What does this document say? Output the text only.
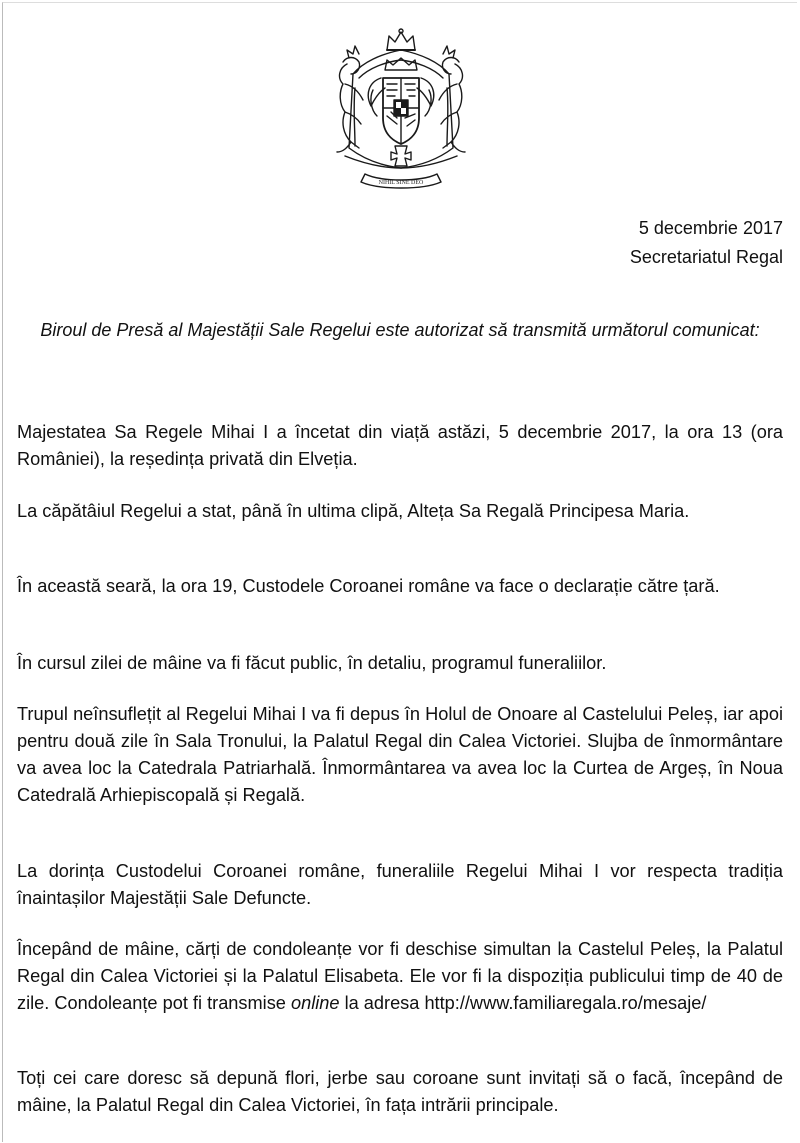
NIHIL SINE DEO
5 decembrie 2017
Secretariatul Regal
Biroul de Presă al Majestății Sale Regelui este autorizat să transmită următorul comunicat:

Majestatea Sa Regele Mihai I a încetat din viață astăzi, 5 decembrie 2017, la ora 13 (ora României), la reședința privată din Elveția.

La căpătâiul Regelui a stat, până în ultima clipă, Alteța Sa Regală Principesa Maria.

În această seară, la ora 19, Custodele Coroanei române va face o declarație către țară.

În cursul zilei de mâine va fi făcut public, în detaliu, programul funeraliilor.

Trupul neînsuflețit al Regelui Mihai I va fi depus în Holul de Onoare al Castelului Peleș, iar apoi pentru două zile în Sala Tronului, la Palatul Regal din Calea Victoriei. Slujba de înmormântare va avea loc la Catedrala Patriarhală. Înmormântarea va avea loc la Curtea de Argeș, în Noua Catedrală Arhiepiscopală și Regală.

La dorința Custodelui Coroanei române, funeraliile Regelui Mihai I vor respecta tradiția înaintașilor Majestății Sale Defuncte.

Începând de mâine, cărți de condoleanțe vor fi deschise simultan la Castelul Peleș, la Palatul Regal din Calea Victoriei și la Palatul Elisabeta. Ele vor fi la dispoziția publicului timp de 40 de zile. Condoleanțe pot fi transmise online la adresa http://www.familiaregala.ro/mesaje/

Toți cei care doresc să depună flori, jerbe sau coroane sunt invitați să o facă, începând de mâine, la Palatul Regal din Calea Victoriei, în fața intrării principale.
